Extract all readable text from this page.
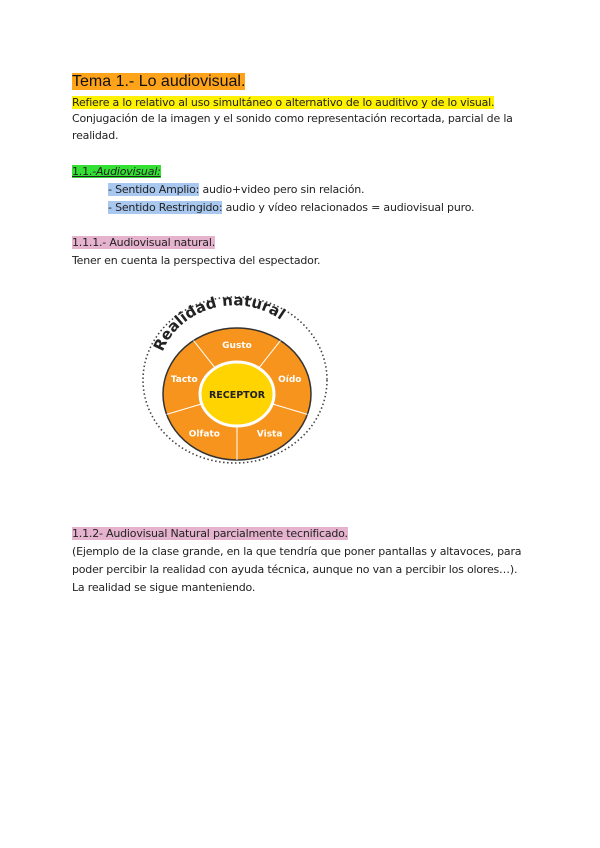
Tema 1.- Lo audiovisual.
Refiere a lo relativo al uso simultáneo o alternativo de lo auditivo y de lo visual.
Conjugación de la imagen y el sonido como representación recortada, parcial de la
realidad.
1.1.-Audiovisual:
- Sentido Amplio: audio+video pero sin relación.
- Sentido Restringido: audio y vídeo relacionados = audiovisual puro.
1.1.1.- Audiovisual natural.
Tener en cuenta la perspectiva del espectador.
Realidad natural
RECEPTOR
Gusto
Oído
Vista
Olfato
Tacto
1.1.2- Audiovisual Natural parcialmente tecnificado.
(Ejemplo de la clase grande, en la que tendría que poner pantallas y altavoces, para
poder percibir la realidad con ayuda técnica, aunque no van a percibir los olores…).
La realidad se sigue manteniendo.
